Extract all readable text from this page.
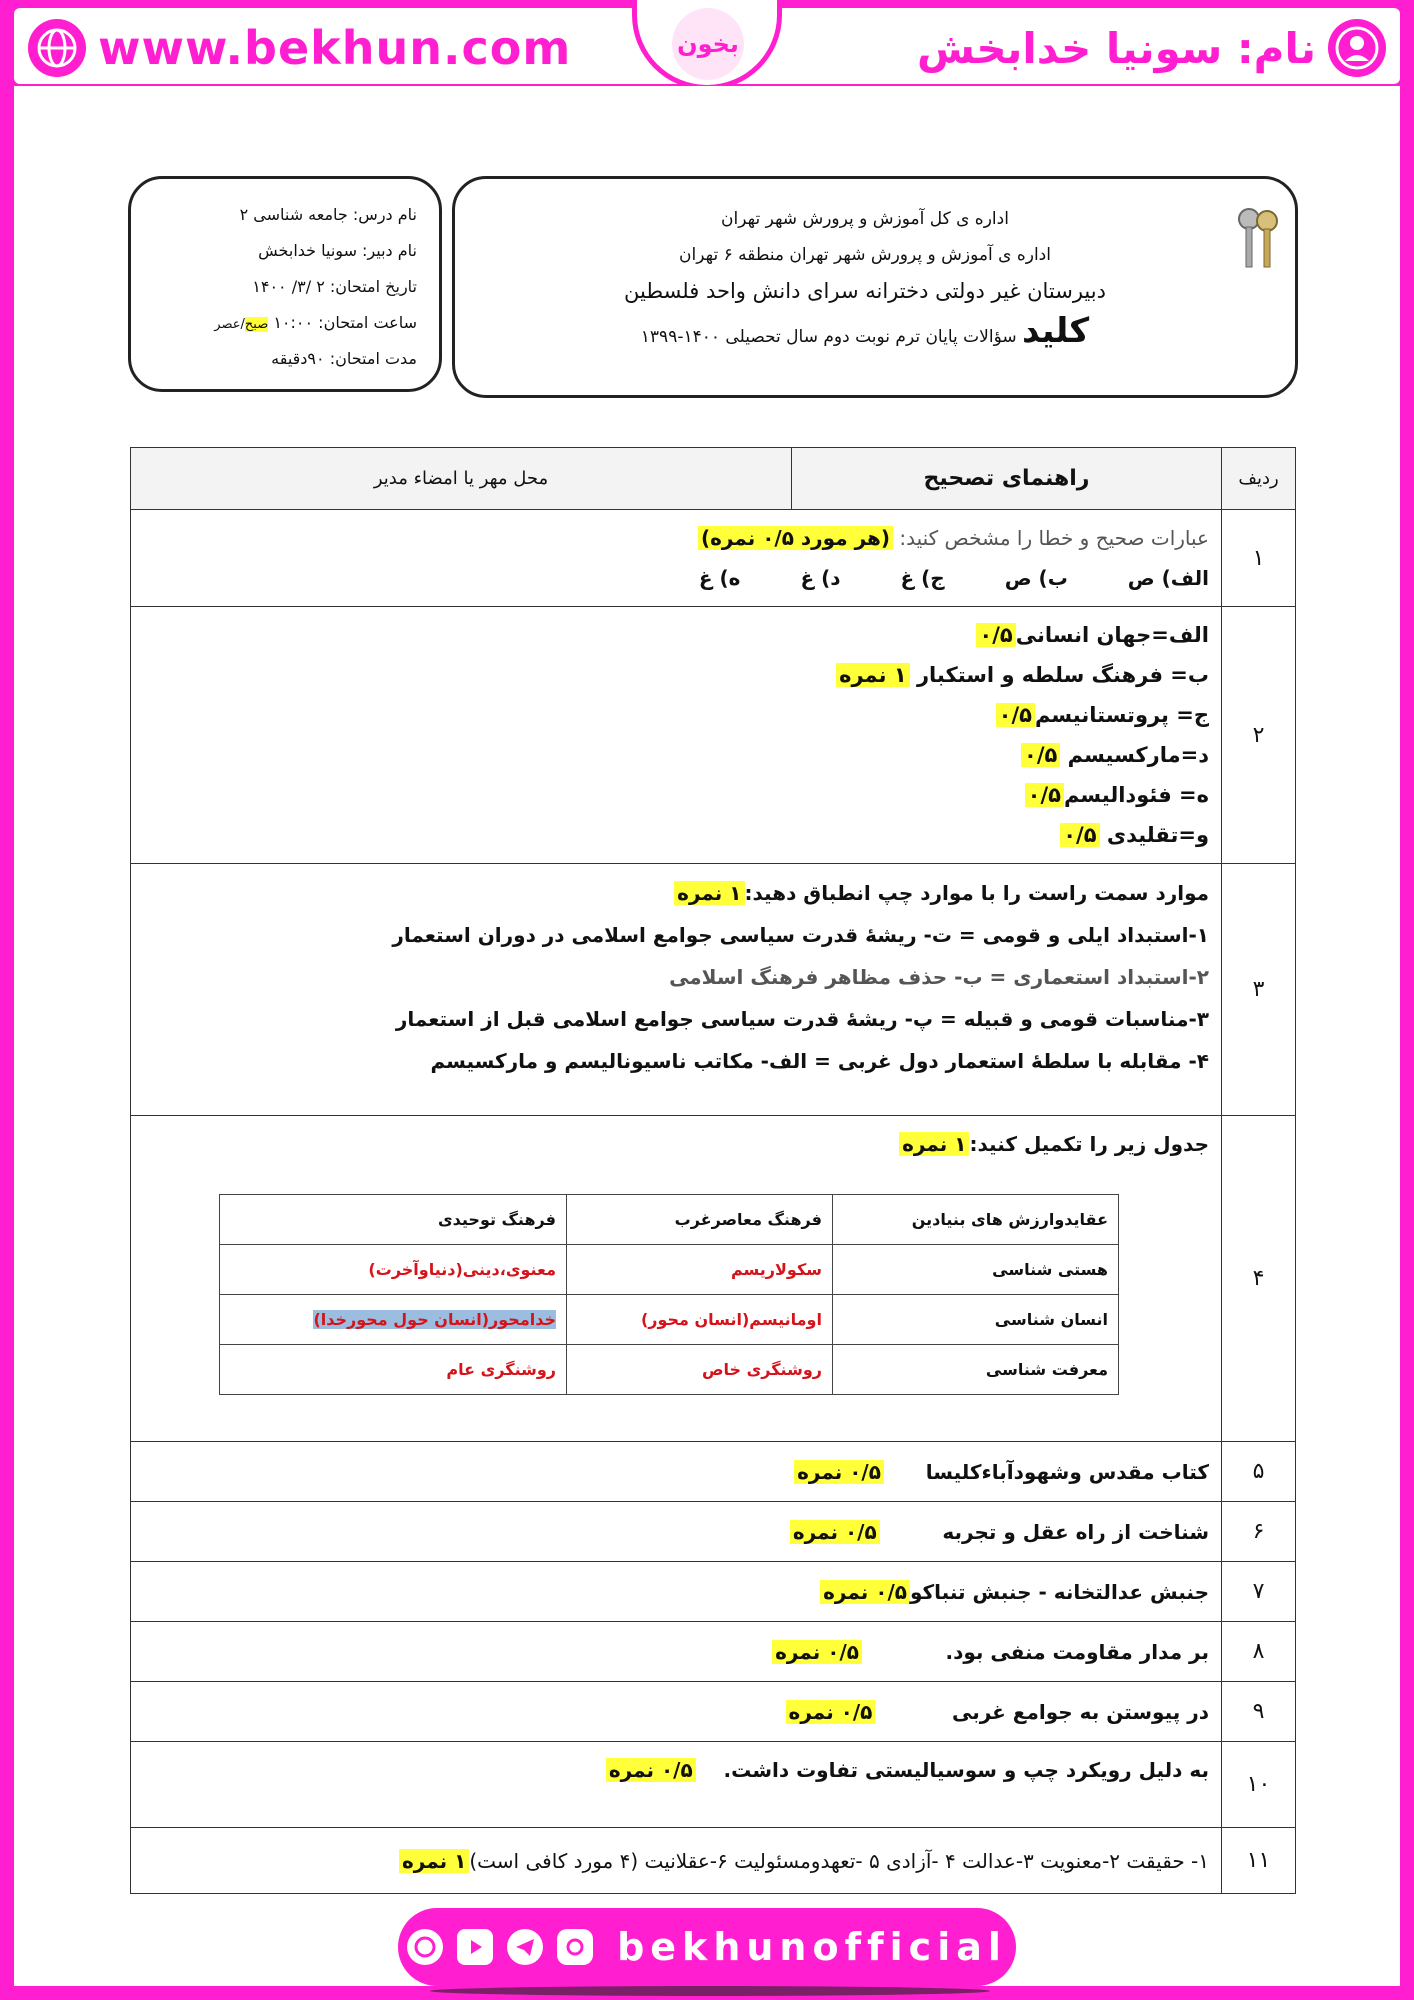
www.bekhun.com	بخون	نام: سونیا خدابخش
اداره ی کل آموزش و پرورش شهر تهران
اداره ی آموزش و پرورش شهر تهران منطقه ۶ تهران
دبیرستان غیر دولتی دخترانه سرای دانش واحد فلسطین
کلید سؤالات پایان ترم نوبت دوم سال تحصیلی ۱۴۰۰-۱۳۹۹
نام درس: جامعه شناسی ۲
نام دبیر: سونیا خدابخش
تاریخ امتحان: ۲ /۳/ ۱۴۰۰
ساعت امتحان: ۱۰:۰۰ صبح/عصر
مدت امتحان: ۹۰دقیقه
ردیف	راهنمای تصحیح	محل مهر یا امضاء مدیر
۱	
عبارات صحیح و خطا را مشخص کنید: (هر مورد ۰/۵ نمره)
الف) ص
ب) ص
ج) غ
د) غ
ه) غ

۲	
الف=جهان انسانی۰/۵
ب= فرهنگ سلطه و استکبار ۱ نمره
ج= پروتستانیسم۰/۵
د=مارکسیسم ۰/۵
ه= فئودالیسم۰/۵
و=تقلیدی ۰/۵

۳	
موارد سمت راست را با موارد چپ انطباق دهید:۱ نمره
۱-استبداد ایلی و قومی = ت- ریشهٔ قدرت سیاسی جوامع اسلامی در دوران استعمار
۲-استبداد استعماری = ب- حذف مظاهر فرهنگ اسلامی
۳-مناسبات قومی و قبیله = پ- ریشهٔ قدرت سیاسی جوامع اسلامی قبل از استعمار
۴- مقابله با سلطهٔ استعمار دول غربی = الف- مکاتب ناسیونالیسم و مارکسیسم

۴	
جدول زیر را تکمیل کنید:۱ نمره
عقایدوارزش های بنیادین	فرهنگ معاصرغرب	فرهنگ توحیدی
هستی شناسی	سکولاریسم	معنوی،دینی(دنیاوآخرت)
انسان شناسی	اومانیسم(انسان محور)	خدامحور(انسان حول محورخدا)
معرفت شناسی	روشنگری خاص	روشنگری عام

۵	کتاب مقدس وشهودآباءکلیسا      ۰/۵ نمره
۶	شناخت از راه عقل و تجربه         ۰/۵ نمره
۷	جنبش عدالتخانه - جنبش تنباکو۰/۵ نمره
۸	بر مدار مقاومت منفی بود.            ۰/۵ نمره
۹	در پیوستن به جوامع غربی           ۰/۵ نمره
۱۰	به دلیل رویکرد چپ و سوسیالیستی تفاوت داشت.    ۰/۵ نمره
۱۱	۱- حقیقت ۲-معنویت ۳-عدالت ۴ -آزادی ۵ -تعهدومسئولیت ۶-عقلانیت (۴ مورد کافی است)۱ نمره
bekhunofficial
